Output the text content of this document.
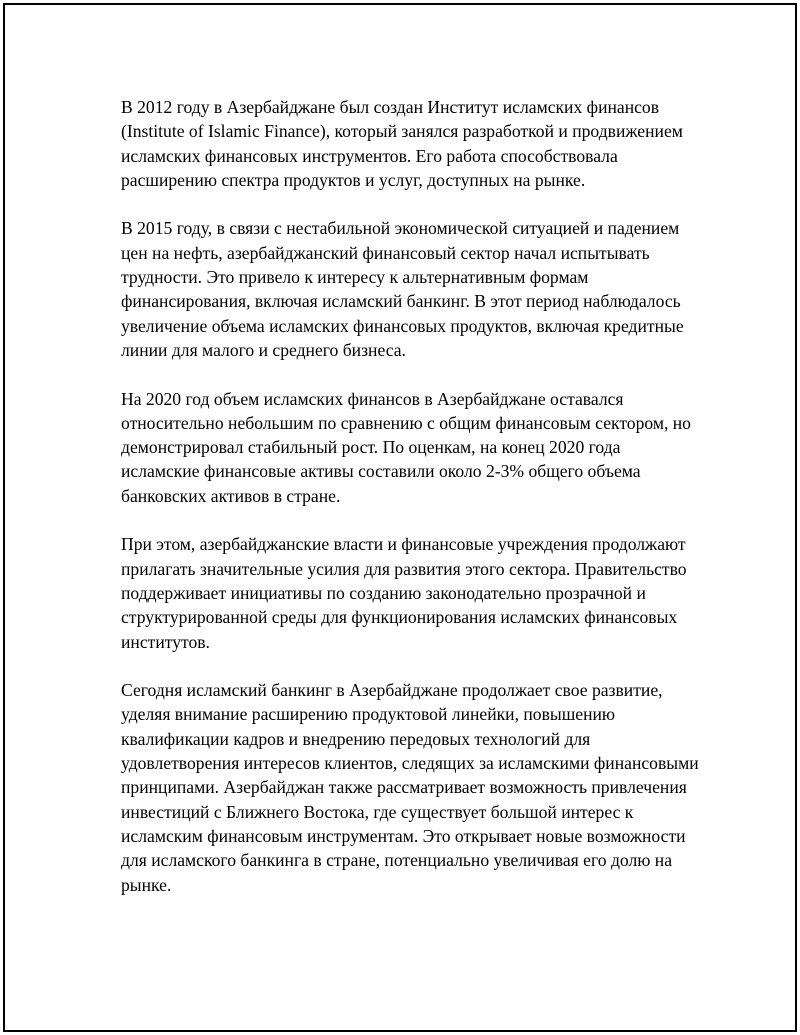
В 2012 году в Азербайджане был создан Институт исламских финансов (Institute of Islamic Finance), который занялся разработкой и продвижением исламских финансовых инструментов. Его работа способствовала расширению спектра продуктов и услуг, доступных на рынке.

В 2015 году, в связи с нестабильной экономической ситуацией и падением цен на нефть, азербайджанский финансовый сектор начал испытывать трудности. Это привело к интересу к альтернативным формам финансирования, включая исламский банкинг. В этот период наблюдалось увеличение объема исламских финансовых продуктов, включая кредитные линии для малого и среднего бизнеса.

На 2020 год объем исламских финансов в Азербайджане оставался относительно небольшим по сравнению с общим финансовым сектором, но демонстрировал стабильный рост. По оценкам, на конец 2020 года исламские финансовые активы составили около 2-3% общего объема банковских активов в стране.

При этом, азербайджанские власти и финансовые учреждения продолжают прилагать значительные усилия для развития этого сектора. Правительство поддерживает инициативы по созданию законодательно прозрачной и структурированной среды для функционирования исламских финансовых институтов.

Сегодня исламский банкинг в Азербайджане продолжает свое развитие, уделяя внимание расширению продуктовой линейки, повышению квалификации кадров и внедрению передовых технологий для удовлетворения интересов клиентов, следящих за исламскими финансовыми принципами. Азербайджан также рассматривает возможность привлечения инвестиций с Ближнего Востока, где существует большой интерес к исламским финансовым инструментам. Это открывает новые возможности для исламского банкинга в стране, потенциально увеличивая его долю на рынке.
